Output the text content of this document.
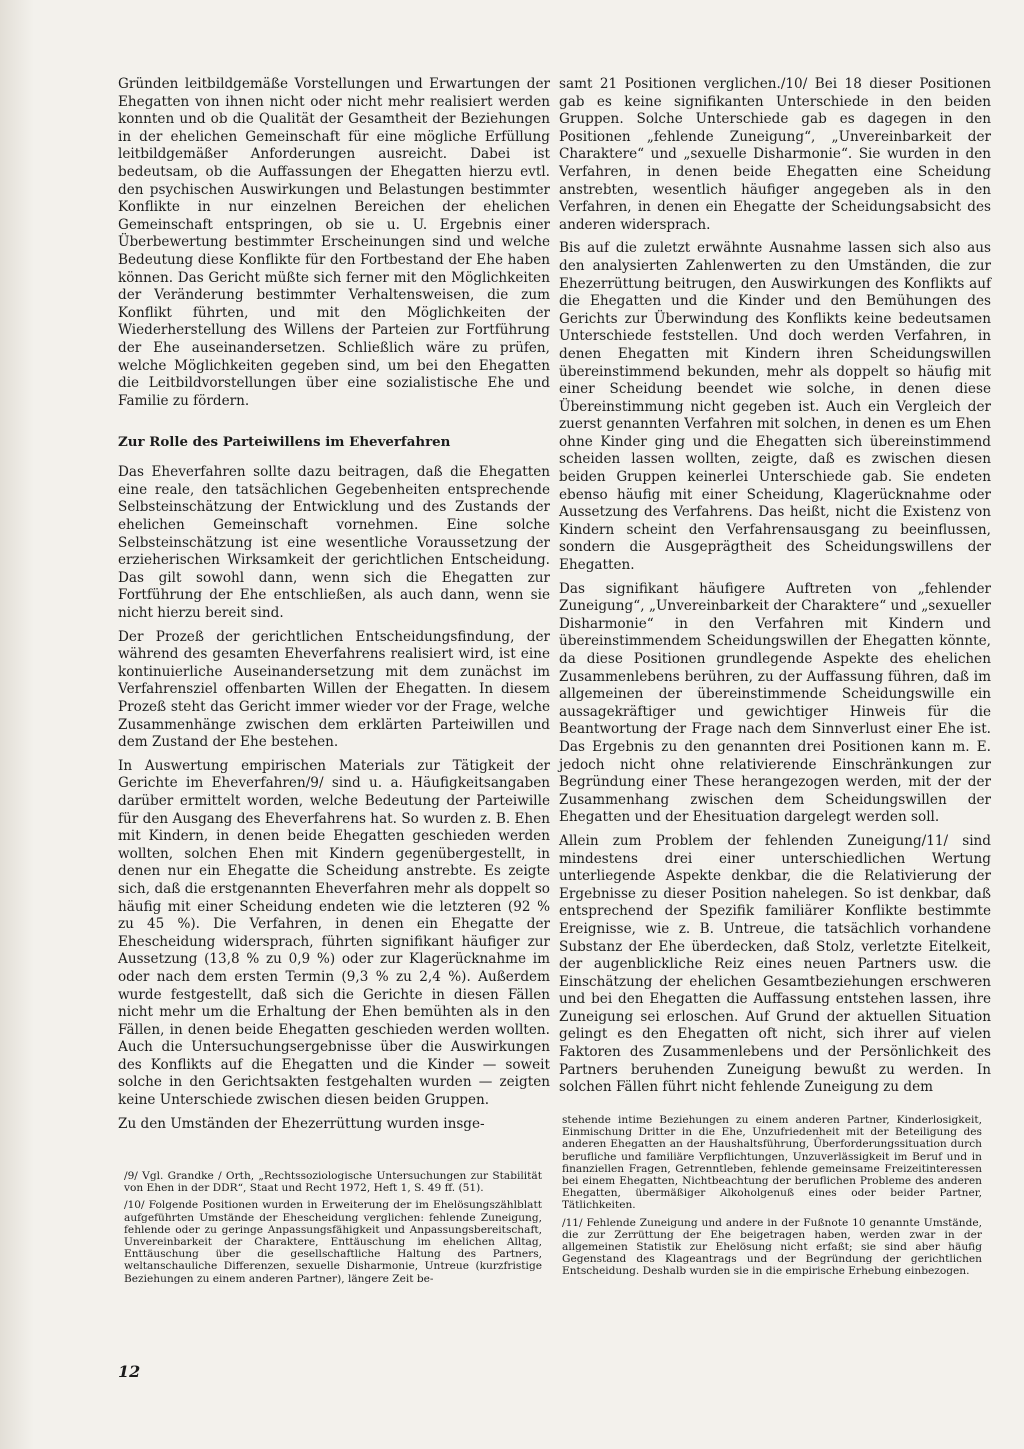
Gründen leitbildgemäße Vorstellungen und Erwartungen der Ehegatten von ihnen nicht oder nicht mehr realisiert werden konnten und ob die Qualität der Gesamtheit der Beziehungen in der ehelichen Gemeinschaft für eine mögliche Erfüllung leitbildgemäßer Anforderungen ausreicht. Dabei ist bedeutsam, ob die Auffassungen der Ehegatten hierzu evtl. den psychischen Auswirkungen und Belastungen bestimmter Konflikte in nur einzelnen Bereichen der ehelichen Gemeinschaft entspringen, ob sie u. U. Ergebnis einer Überbewertung bestimmter Erscheinungen sind und welche Bedeutung diese Konflikte für den Fortbestand der Ehe haben können. Das Gericht müßte sich ferner mit den Möglichkeiten der Veränderung bestimmter Verhaltensweisen, die zum Konflikt führten, und mit den Möglichkeiten der Wiederherstellung des Willens der Parteien zur Fortführung der Ehe auseinandersetzen. Schließlich wäre zu prüfen, welche Möglichkeiten gegeben sind, um bei den Ehegatten die Leitbildvorstellungen über eine sozialistische Ehe und Familie zu fördern.

Zur Rolle des Parteiwillens im Eheverfahren

Das Eheverfahren sollte dazu beitragen, daß die Ehegatten eine reale, den tatsächlichen Gegebenheiten entsprechende Selbsteinschätzung der Entwicklung und des Zustands der ehelichen Gemeinschaft vornehmen. Eine solche Selbsteinschätzung ist eine wesentliche Voraussetzung der erzieherischen Wirksamkeit der gerichtlichen Entscheidung. Das gilt sowohl dann, wenn sich die Ehegatten zur Fortführung der Ehe entschließen, als auch dann, wenn sie nicht hierzu bereit sind.

Der Prozeß der gerichtlichen Entscheidungsfindung, der während des gesamten Eheverfahrens realisiert wird, ist eine kontinuierliche Auseinandersetzung mit dem zunächst im Verfahrensziel offenbarten Willen der Ehegatten. In diesem Prozeß steht das Gericht immer wieder vor der Frage, welche Zusammenhänge zwischen dem erklärten Parteiwillen und dem Zustand der Ehe bestehen.

In Auswertung empirischen Materials zur Tätigkeit der Gerichte im Eheverfahren/9/ sind u. a. Häufigkeitsangaben darüber ermittelt worden, welche Bedeutung der Parteiwille für den Ausgang des Eheverfahrens hat. So wurden z. B. Ehen mit Kindern, in denen beide Ehegatten geschieden werden wollten, solchen Ehen mit Kindern gegenübergestellt, in denen nur ein Ehegatte die Scheidung anstrebte. Es zeigte sich, daß die erstgenannten Eheverfahren mehr als doppelt so häufig mit einer Scheidung endeten wie die letzteren (92 % zu 45 %). Die Verfahren, in denen ein Ehegatte der Ehescheidung widersprach, führten signifikant häufiger zur Aussetzung (13,8 % zu 0,9 %) oder zur Klagerücknahme im oder nach dem ersten Termin (9,3 % zu 2,4 %). Außerdem wurde festgestellt, daß sich die Gerichte in diesen Fällen nicht mehr um die Erhaltung der Ehen bemühten als in den Fällen, in denen beide Ehegatten geschieden werden wollten. Auch die Untersuchungsergebnisse über die Auswirkungen des Konflikts auf die Ehegatten und die Kinder — soweit solche in den Gerichtsakten festgehalten wurden — zeigten keine Unterschiede zwischen diesen beiden Gruppen.

Zu den Umständen der Ehezerrüttung wurden insge-

samt 21 Positionen verglichen./10/ Bei 18 dieser Positionen gab es keine signifikanten Unterschiede in den beiden Gruppen. Solche Unterschiede gab es dagegen in den Positionen „fehlende Zuneigung“, „Unvereinbarkeit der Charaktere“ und „sexuelle Disharmonie“. Sie wurden in den Verfahren, in denen beide Ehegatten eine Scheidung anstrebten, wesentlich häufiger angegeben als in den Verfahren, in denen ein Ehegatte der Scheidungsabsicht des anderen widersprach.

Bis auf die zuletzt erwähnte Ausnahme lassen sich also aus den analysierten Zahlenwerten zu den Umständen, die zur Ehezerrüttung beitrugen, den Auswirkungen des Konflikts auf die Ehegatten und die Kinder und den Bemühungen des Gerichts zur Überwindung des Konflikts keine bedeutsamen Unterschiede feststellen. Und doch werden Verfahren, in denen Ehegatten mit Kindern ihren Scheidungswillen übereinstimmend bekunden, mehr als doppelt so häufig mit einer Scheidung beendet wie solche, in denen diese Übereinstimmung nicht gegeben ist. Auch ein Vergleich der zuerst genannten Verfahren mit solchen, in denen es um Ehen ohne Kinder ging und die Ehegatten sich übereinstimmend scheiden lassen wollten, zeigte, daß es zwischen diesen beiden Gruppen keinerlei Unterschiede gab. Sie endeten ebenso häufig mit einer Scheidung, Klagerücknahme oder Aussetzung des Verfahrens. Das heißt, nicht die Existenz von Kindern scheint den Verfahrensausgang zu beeinflussen, sondern die Ausgeprägtheit des Scheidungswillens der Ehegatten.

Das signifikant häufigere Auftreten von „fehlender Zuneigung“, „Unvereinbarkeit der Charaktere“ und „sexueller Disharmonie“ in den Verfahren mit Kindern und übereinstimmendem Scheidungswillen der Ehegatten könnte, da diese Positionen grundlegende Aspekte des ehelichen Zusammenlebens berühren, zu der Auffassung führen, daß im allgemeinen der übereinstimmende Scheidungswille ein aussagekräftiger und gewichtiger Hinweis für die Beantwortung der Frage nach dem Sinnverlust einer Ehe ist. Das Ergebnis zu den genannten drei Positionen kann m. E. jedoch nicht ohne relativierende Einschränkungen zur Begründung einer These herangezogen werden, mit der der Zusammenhang zwischen dem Scheidungswillen der Ehegatten und der Ehesituation dargelegt werden soll.

Allein zum Problem der fehlenden Zuneigung/11/ sind mindestens drei einer unterschiedlichen Wertung unterliegende Aspekte denkbar, die die Relativierung der Ergebnisse zu dieser Position nahelegen. So ist denkbar, daß entsprechend der Spezifik familiärer Konflikte bestimmte Ereignisse, wie z. B. Untreue, die tatsächlich vorhandene Substanz der Ehe überdecken, daß Stolz, verletzte Eitelkeit, der augenblickliche Reiz eines neuen Partners usw. die Einschätzung der ehelichen Gesamtbeziehungen erschweren und bei den Ehegatten die Auffassung entstehen lassen, ihre Zuneigung sei erloschen. Auf Grund der aktuellen Situation gelingt es den Ehegatten oft nicht, sich ihrer auf vielen Faktoren des Zusammenlebens und der Persönlichkeit des Partners beruhenden Zuneigung bewußt zu werden. In solchen Fällen führt nicht fehlende Zuneigung zu dem

/9/ Vgl. Grandke / Orth, „Rechtssoziologische Untersuchungen zur Stabilität von Ehen in der DDR“, Staat und Recht 1972, Heft 1, S. 49 ff. (51).

/10/ Folgende Positionen wurden in Erweiterung der im Ehelösungszählblatt aufgeführten Umstände der Ehescheidung verglichen: fehlende Zuneigung, fehlende oder zu geringe Anpassungsfähigkeit und Anpassungsbereitschaft, Unvereinbarkeit der Charaktere, Enttäuschung im ehelichen Alltag, Enttäuschung über die gesellschaftliche Haltung des Partners, weltanschauliche Differenzen, sexuelle Disharmonie, Untreue (kurzfristige Beziehungen zu einem anderen Partner), längere Zeit be-

stehende intime Beziehungen zu einem anderen Partner, Kinderlosigkeit, Einmischung Dritter in die Ehe, Unzufriedenheit mit der Beteiligung des anderen Ehegatten an der Haushaltsführung, Überforderungssituation durch berufliche und familiäre Verpflichtungen, Unzuverlässigkeit im Beruf und in finanziellen Fragen, Getrenntleben, fehlende gemeinsame Freizeitinteressen bei einem Ehegatten, Nichtbeachtung der beruflichen Probleme des anderen Ehegatten, übermäßiger Alkoholgenuß eines oder beider Partner, Tätlichkeiten.

/11/ Fehlende Zuneigung und andere in der Fußnote 10 genannte Umstände, die zur Zerrüttung der Ehe beigetragen haben, werden zwar in der allgemeinen Statistik zur Ehelösung nicht erfaßt; sie sind aber häufig Gegenstand des Klageantrags und der Begründung der gerichtlichen Entscheidung. Deshalb wurden sie in die empirische Erhebung einbezogen.

12
